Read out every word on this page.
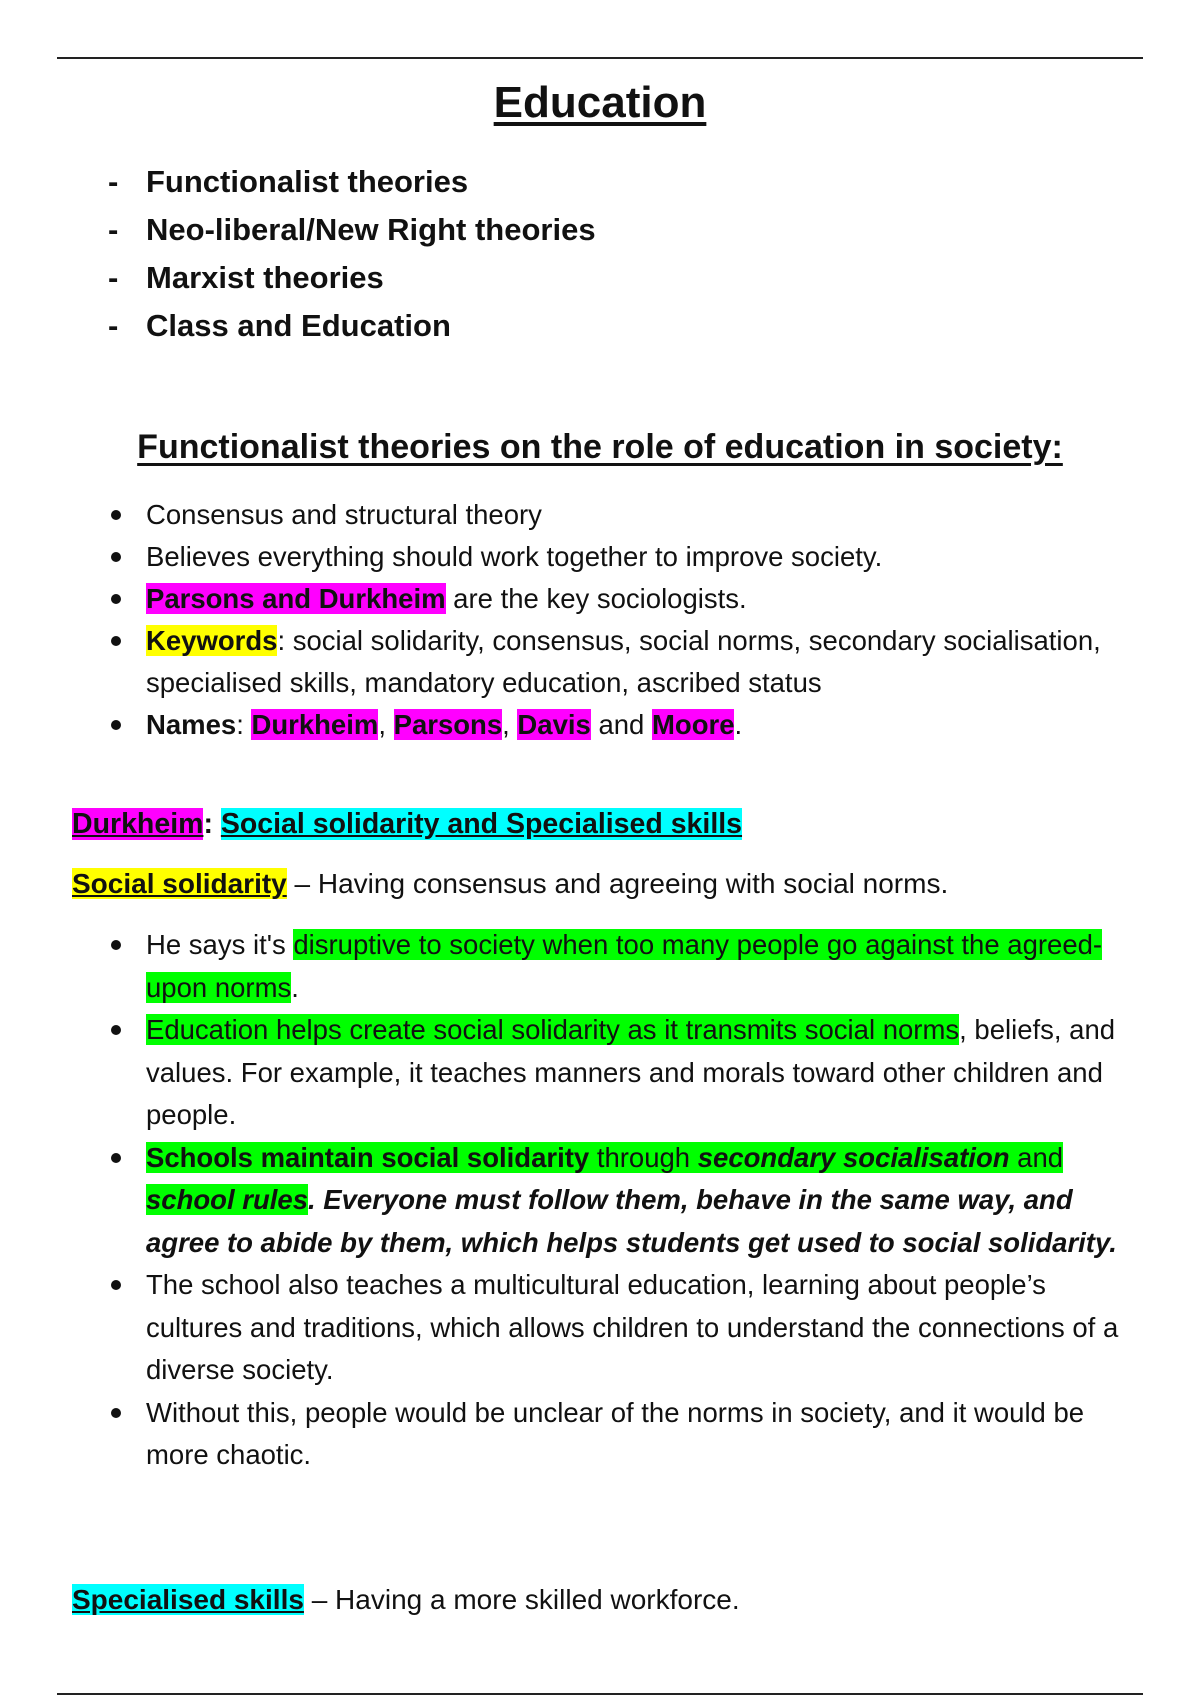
Education
- Functionalist theories
- Neo-liberal/New Right theories
- Marxist theories
- Class and Education
Functionalist theories on the role of education in society:
Consensus and structural theory
Believes everything should work together to improve society.
Parsons and Durkheim are the key sociologists.
Keywords: social solidarity, consensus, social norms, secondary socialisation, specialised skills, mandatory education, ascribed status
Names: Durkheim, Parsons, Davis and Moore.

Durkheim: Social solidarity and Specialised skills

Social solidarity – Having consensus and agreeing with social norms.

He says it's disruptive to society when too many people go against the agreed-upon norms.
Education helps create social solidarity as it transmits social norms, beliefs, and values. For example, it teaches manners and morals toward other children and people.
Schools maintain social solidarity through secondary socialisation and school rules. Everyone must follow them, behave in the same way, and agree to abide by them, which helps students get used to social solidarity.
The school also teaches a multicultural education, learning about people’s cultures and traditions, which allows children to understand the connections of a diverse society.
Without this, people would be unclear of the norms in society, and it would be more chaotic.

Specialised skills – Having a more skilled workforce.
